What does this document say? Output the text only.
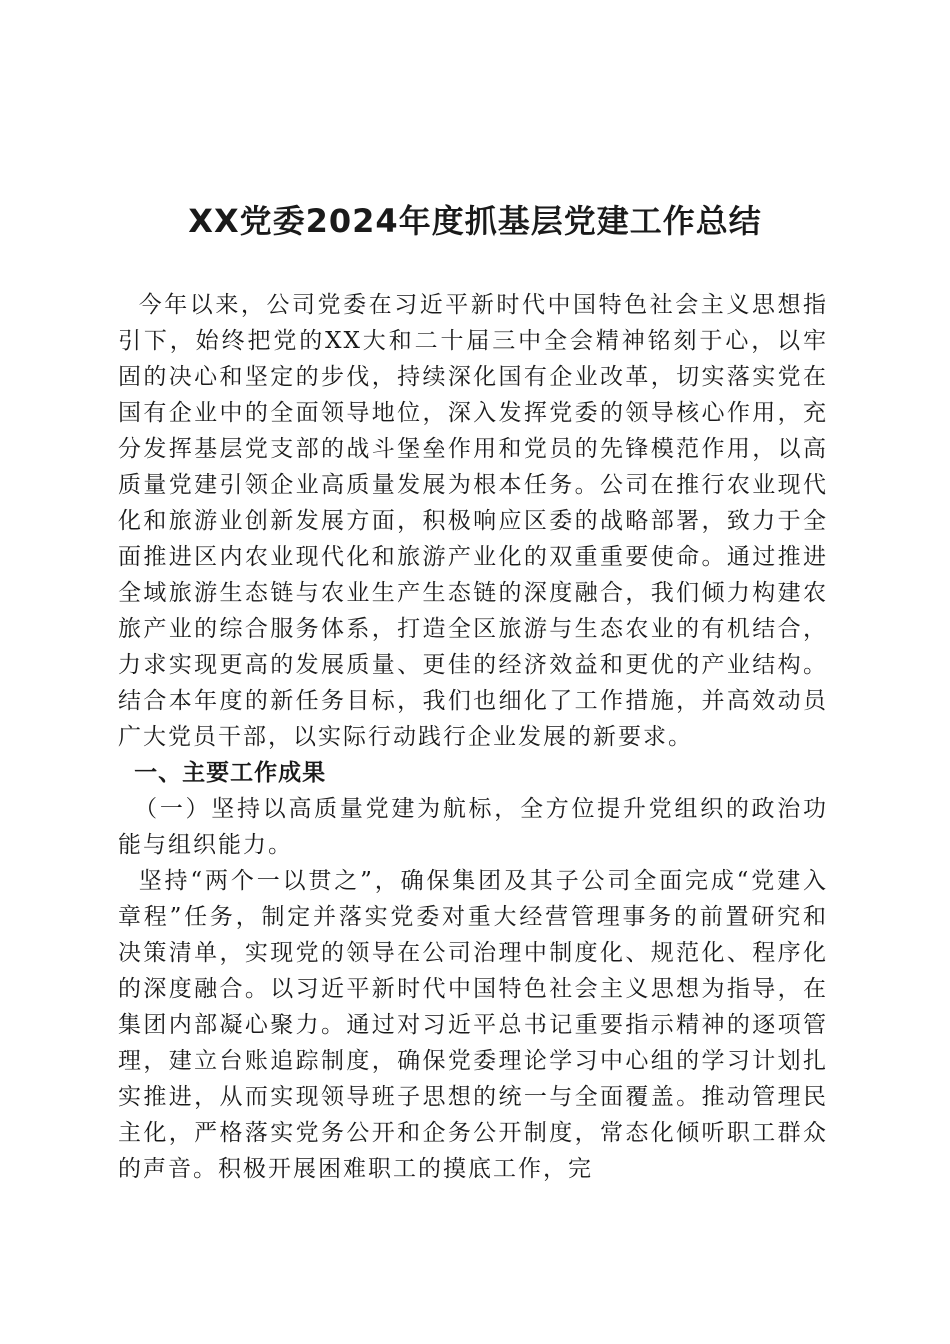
XX党委2024年度抓基层党建工作总结

今年以来，公司党委在习近平新时代中国特色社会主义思想指引下，始终把党的XX大和二十届三中全会精神铭刻于心，以牢固的决心和坚定的步伐，持续深化国有企业改革，切实落实党在国有企业中的全面领导地位，深入发挥党委的领导核心作用，充分发挥基层党支部的战斗堡垒作用和党员的先锋模范作用，以高质量党建引领企业高质量发展为根本任务。公司在推行农业现代化和旅游业创新发展方面，积极响应区委的战略部署，致力于全面推进区内农业现代化和旅游产业化的双重重要使命。通过推进全域旅游生态链与农业生产生态链的深度融合，我们倾力构建农旅产业的综合服务体系，打造全区旅游与生态农业的有机结合，力求实现更高的发展质量、更佳的经济效益和更优的产业结构。结合本年度的新任务目标，我们也细化了工作措施，并高效动员广大党员干部，以实际行动践行企业发展的新要求。

一、主要工作成果

（一）坚持以高质量党建为航标，全方位提升党组织的政治功能与组织能力。

坚持“两个一以贯之”，确保集团及其子公司全面完成“党建入章程”任务，制定并落实党委对重大经营管理事务的前置研究和决策清单，实现党的领导在公司治理中制度化、规范化、程序化的深度融合。以习近平新时代中国特色社会主义思想为指导，在集团内部凝心聚力。通过对习近平总书记重要指示精神的逐项管理，建立台账追踪制度，确保党委理论学习中心组的学习计划扎实推进，从而实现领导班子思想的统一与全面覆盖。推动管理民主化，严格落实党务公开和企务公开制度，常态化倾听职工群众的声音。积极开展困难职工的摸底工作，完
